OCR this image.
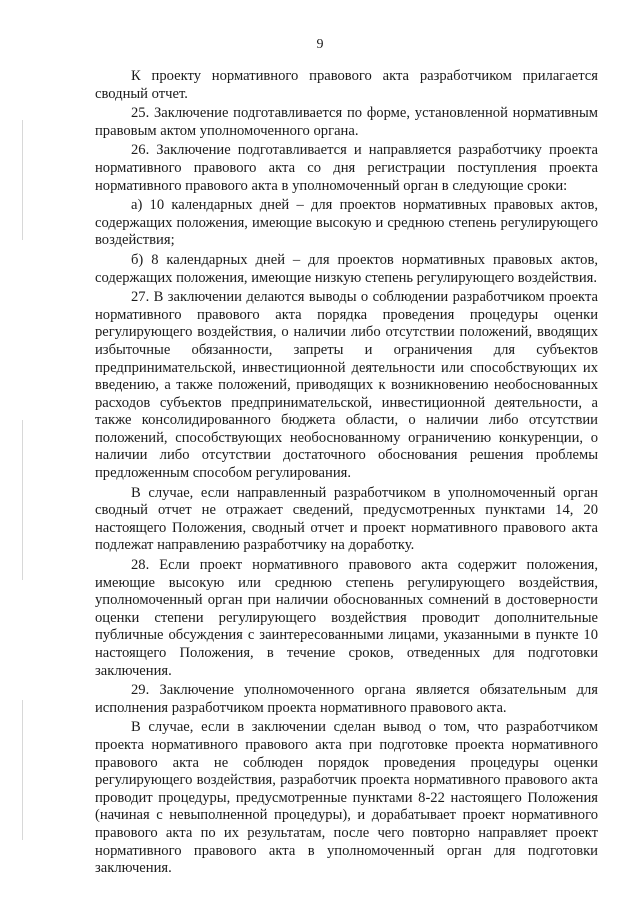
9

К проекту нормативного правового акта разработчиком прилагается сводный отчет.

25. Заключение подготавливается по форме, установленной нормативным правовым актом уполномоченного органа.

26. Заключение подготавливается и направляется разработчику проекта нормативного правового акта со дня регистрации поступления проекта нормативного правового акта в уполномоченный орган в следующие сроки:

а) 10 календарных дней – для проектов нормативных правовых актов, содержащих положения, имеющие высокую и среднюю степень регулирующего воздействия;

б) 8 календарных дней – для проектов нормативных правовых актов, содержащих положения, имеющие низкую степень регулирующего воздействия.

27. В заключении делаются выводы о соблюдении разработчиком проекта нормативного правового акта порядка проведения процедуры оценки регулирующего воздействия, о наличии либо отсутствии положений, вводящих избыточные обязанности, запреты и ограничения для субъектов предпринимательской, инвестиционной деятельности или способствующих их введению, а также положений, приводящих к возникновению необоснованных расходов субъектов предпринимательской, инвестиционной деятельности, а также консолидированного бюджета области, о наличии либо отсутствии положений, способствующих необоснованному ограничению конкуренции, о наличии либо отсутствии достаточного обоснования решения проблемы предложенным способом регулирования.

В случае, если направленный разработчиком в уполномоченный орган сводный отчет не отражает сведений, предусмотренных пунктами 14, 20 настоящего Положения, сводный отчет и проект нормативного правового акта подлежат направлению разработчику на доработку.

28. Если проект нормативного правового акта содержит положения, имеющие высокую или среднюю степень регулирующего воздействия, уполномоченный орган при наличии обоснованных сомнений в достоверности оценки степени регулирующего воздействия проводит дополнительные публичные обсуждения с заинтересованными лицами, указанными в пункте 10 настоящего Положения, в течение сроков, отведенных для подготовки заключения.

29. Заключение уполномоченного органа является обязательным для исполнения разработчиком проекта нормативного правового акта.

В случае, если в заключении сделан вывод о том, что разработчиком проекта нормативного правового акта при подготовке проекта нормативного правового акта не соблюден порядок проведения процедуры оценки регулирующего воздействия, разработчик проекта нормативного правового акта проводит процедуры, предусмотренные пунктами 8-22 настоящего Положения (начиная с невыполненной процедуры), и дорабатывает проект нормативного правового акта по их результатам, после чего повторно направляет проект нормативного правового акта в уполномоченный орган для подготовки заключения.
